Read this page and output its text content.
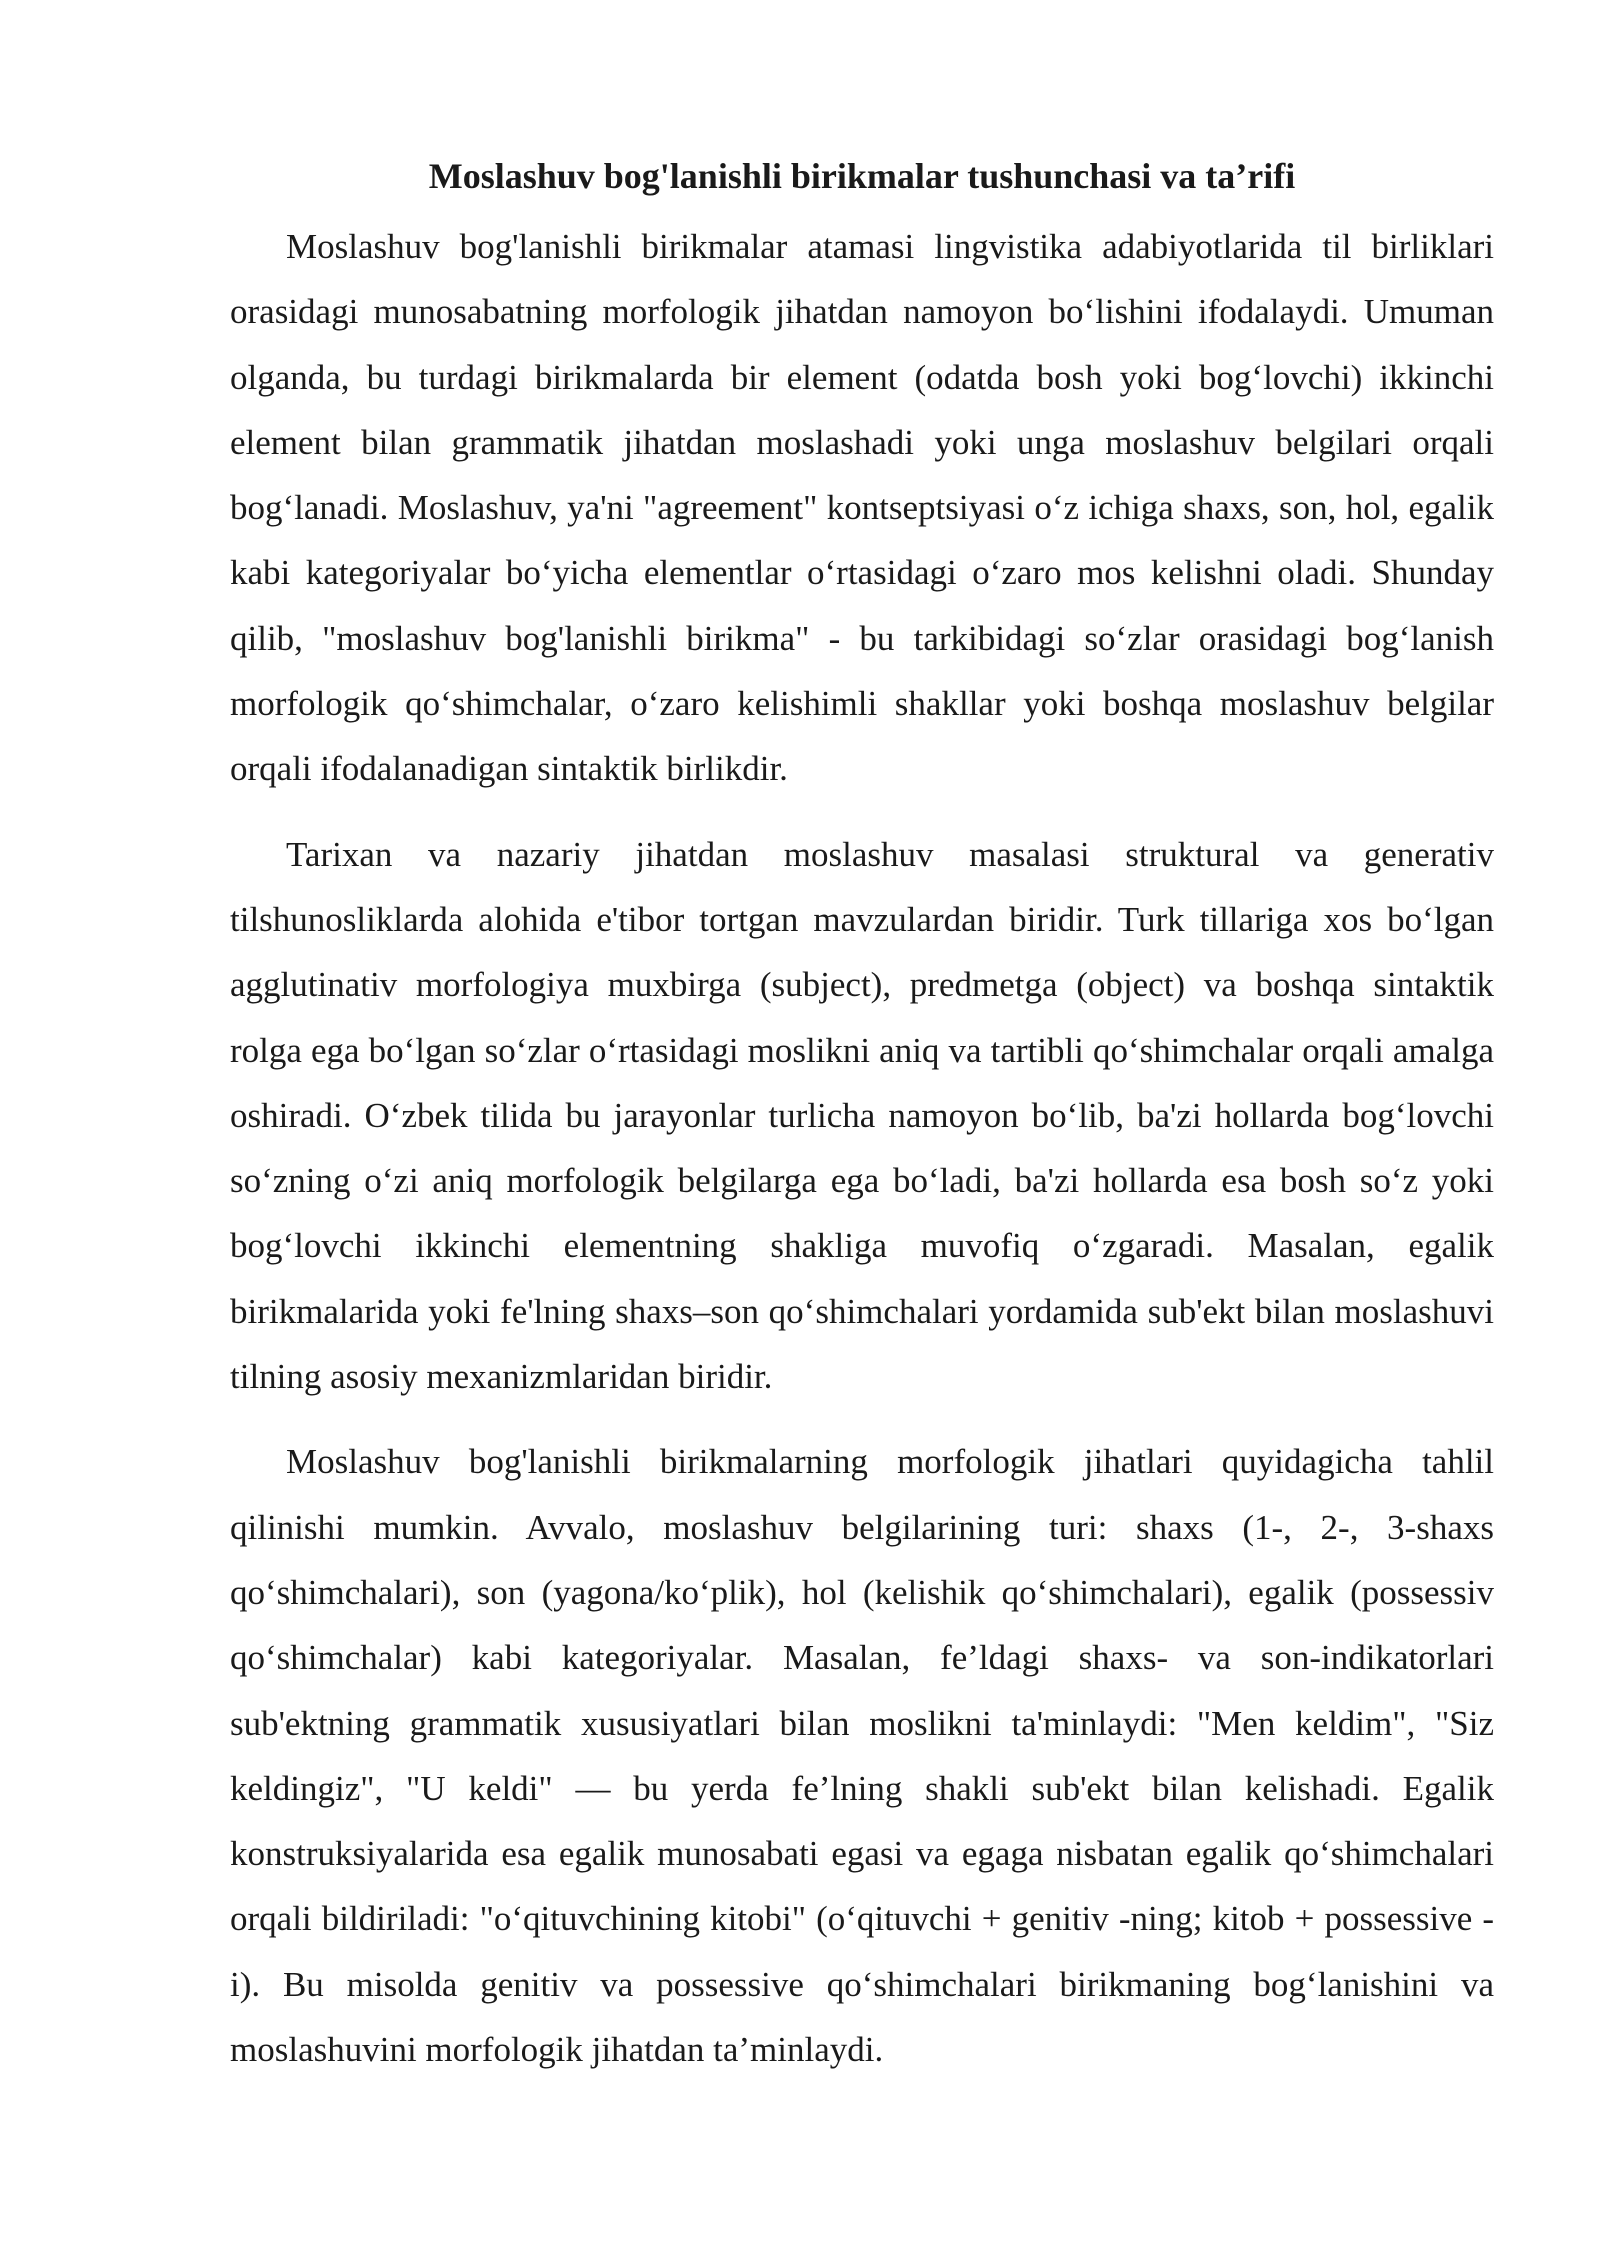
Moslashuv bog'lanishli birikmalar tushunchasi va ta’rifi

Moslashuv bog'lanishli birikmalar atamasi lingvistika adabiyotlarida til birliklari orasidagi munosabatning morfologik jihatdan namoyon boʻlishini ifodalaydi. Umuman olganda, bu turdagi birikmalarda bir element (odatda bosh yoki bogʻlovchi) ikkinchi element bilan grammatik jihatdan moslashadi yoki unga moslashuv belgilari orqali bogʻlanadi. Moslashuv, ya'ni "agreement" kontseptsiyasi oʻz ichiga shaxs, son, hol, egalik kabi kategoriyalar boʻyicha elementlar oʻrtasidagi oʻzaro mos kelishni oladi. Shunday qilib, "moslashuv bog'lanishli birikma" - bu tarkibidagi soʻzlar orasidagi bogʻlanish morfologik qoʻshimchalar, oʻzaro kelishimli shakllar yoki boshqa moslashuv belgilar orqali ifodalanadigan sintaktik birlikdir.

Tarixan va nazariy jihatdan moslashuv masalasi struktural va generativ tilshunosliklarda alohida e'tibor tortgan mavzulardan biridir. Turk tillariga xos boʻlgan agglutinativ morfologiya muxbirga (subject), predmetga (object) va boshqa sintaktik rolga ega boʻlgan soʻzlar oʻrtasidagi moslikni aniq va tartibli qoʻshimchalar orqali amalga oshiradi. Oʻzbek tilida bu jarayonlar turlicha namoyon boʻlib, ba'zi hollarda bogʻlovchi soʻzning oʻzi aniq morfologik belgilarga ega boʻladi, ba'zi hollarda esa bosh soʻz yoki bogʻlovchi ikkinchi elementning shakliga muvofiq oʻzgaradi. Masalan, egalik birikmalarida yoki fe'lning shaxs–son qoʻshimchalari yordamida sub'ekt bilan moslashuvi tilning asosiy mexanizmlaridan biridir.

Moslashuv bog'lanishli birikmalarning morfologik jihatlari quyidagicha tahlil qilinishi mumkin. Avvalo, moslashuv belgilarining turi: shaxs (1-, 2-, 3-shaxs qoʻshimchalari), son (yagona/koʻplik), hol (kelishik qoʻshimchalari), egalik (possessiv qoʻshimchalar) kabi kategoriyalar. Masalan, fe’ldagi shaxs- va son-indikatorlari sub'ektning grammatik xususiyatlari bilan moslikni ta'minlaydi: "Men keldim", "Siz keldingiz", "U keldi" — bu yerda fe’lning shakli sub'ekt bilan kelishadi. Egalik konstruksiyalarida esa egalik munosabati egasi va egaga nisbatan egalik qoʻshimchalari orqali bildiriladi: "oʻqituvchining kitobi" (oʻqituvchi + genitiv -ning; kitob + possessive -i). Bu misolda genitiv va possessive qoʻshimchalari birikmaning bogʻlanishini va moslashuvini morfologik jihatdan ta’minlaydi.
